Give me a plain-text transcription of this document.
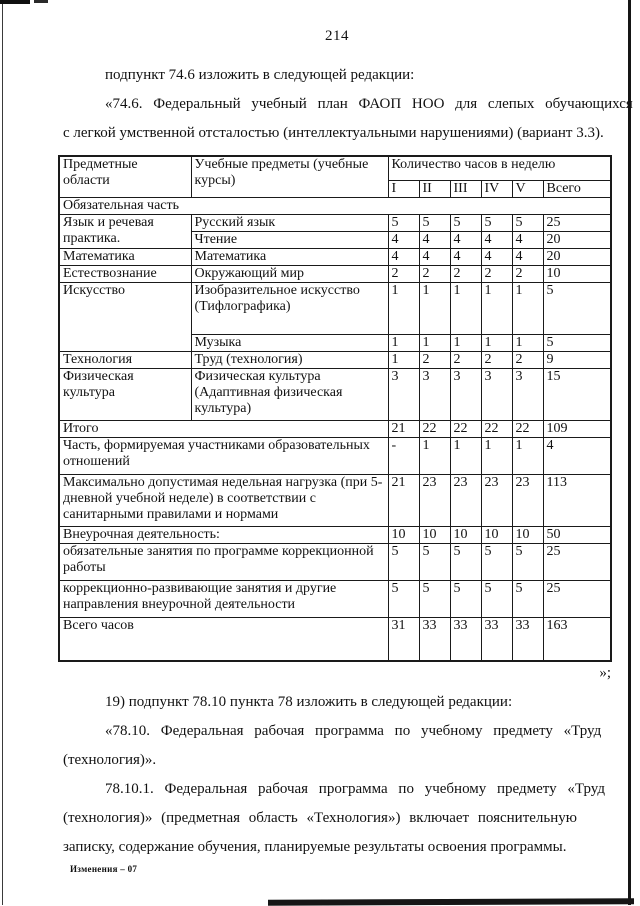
214
подпункт 74.6 изложить в следующей редакции:
«74.6. Федеральный учебный план ФАОП НОО для слепых обучающихся
с легкой умственной отсталостью (интеллектуальными нарушениями) (вариант 3.3).
Предметные области	Учебные предметы (учебные курсы)	Количество часов в неделю					
		I	II	III	IV	V	Всего
Обязательная часть							
Язык и речевая практика.	Русский язык	5	5	5	5	5	25
	Чтение	4	4	4	4	4	20
Математика	Математика	4	4	4	4	4	20
Естествознание	Окружающий мир	2	2	2	2	2	10
Искусство	Изобразительное искусство (Тифлографика)	1	1	1	1	1	5
	Музыка	1	1	1	1	1	5
Технология	Труд (технология)	1	2	2	2	2	9
Физическая культура	Физическая культура (Адаптивная физическая культура)	3	3	3	3	3	15
Итого		21	22	22	22	22	109
Часть, формируемая участниками образовательных отношений		-	1	1	1	1	4
Максимально допустимая недельная нагрузка (при 5-дневной учебной неделе) в соответствии с санитарными правилами и нормами		21	23	23	23	23	113
Внеурочная деятельность:		10	10	10	10	10	50
обязательные занятия по программе коррекционной работы		5	5	5	5	5	25
коррекционно-развивающие занятия и другие направления внеурочной деятельности		5	5	5	5	5	25
Всего часов		31	33	33	33	33	163
»;
19) подпункт 78.10 пункта 78 изложить в следующей редакции:
«78.10. Федеральная рабочая программа по учебному предмету «Труд
(технология)».
78.10.1. Федеральная рабочая программа по учебному предмету «Труд
(технология)» (предметная область «Технология») включает пояснительную
записку, содержание обучения, планируемые результаты освоения программы.
Изменения – 07
